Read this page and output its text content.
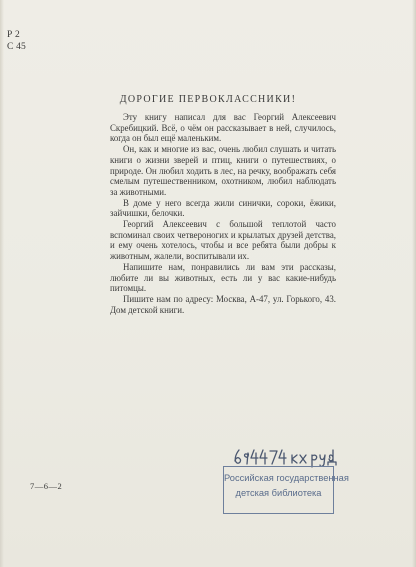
Р 2
С 45
ДОРОГИЕ ПЕРВОКЛАССНИКИ!

Эту книгу написал для вас Георгий Алексеевич Скребицкий. Всё, о чём он рассказывает в ней, случилось, когда он был ещё маленьким.

Он, как и многие из вас, очень любил слушать и читать книги о жизни зверей и птиц, книги о путешествиях, о природе. Он любил ходить в лес, на речку, воображать себя смелым путешественником, охотником, любил наблюдать за животными.

В доме у него всегда жили синички, сороки, ёжики, зайчишки, белочки.

Георгий Алексеевич с большой теплотой часто вспоминал своих четвероногих и крылатых друзей детства, и ему очень хотелось, чтобы и все ребята были добры к животным, жалели, воспитывали их.

Напишите нам, понравились ли вам эти рассказы, любите ли вы животных, есть ли у вас какие-нибудь питомцы.

Пишите нам по адресу: Москва, А-47, ул. Горького, 43. Дом детской книги.

7—6—2
Российская государственная
детская библиотека
